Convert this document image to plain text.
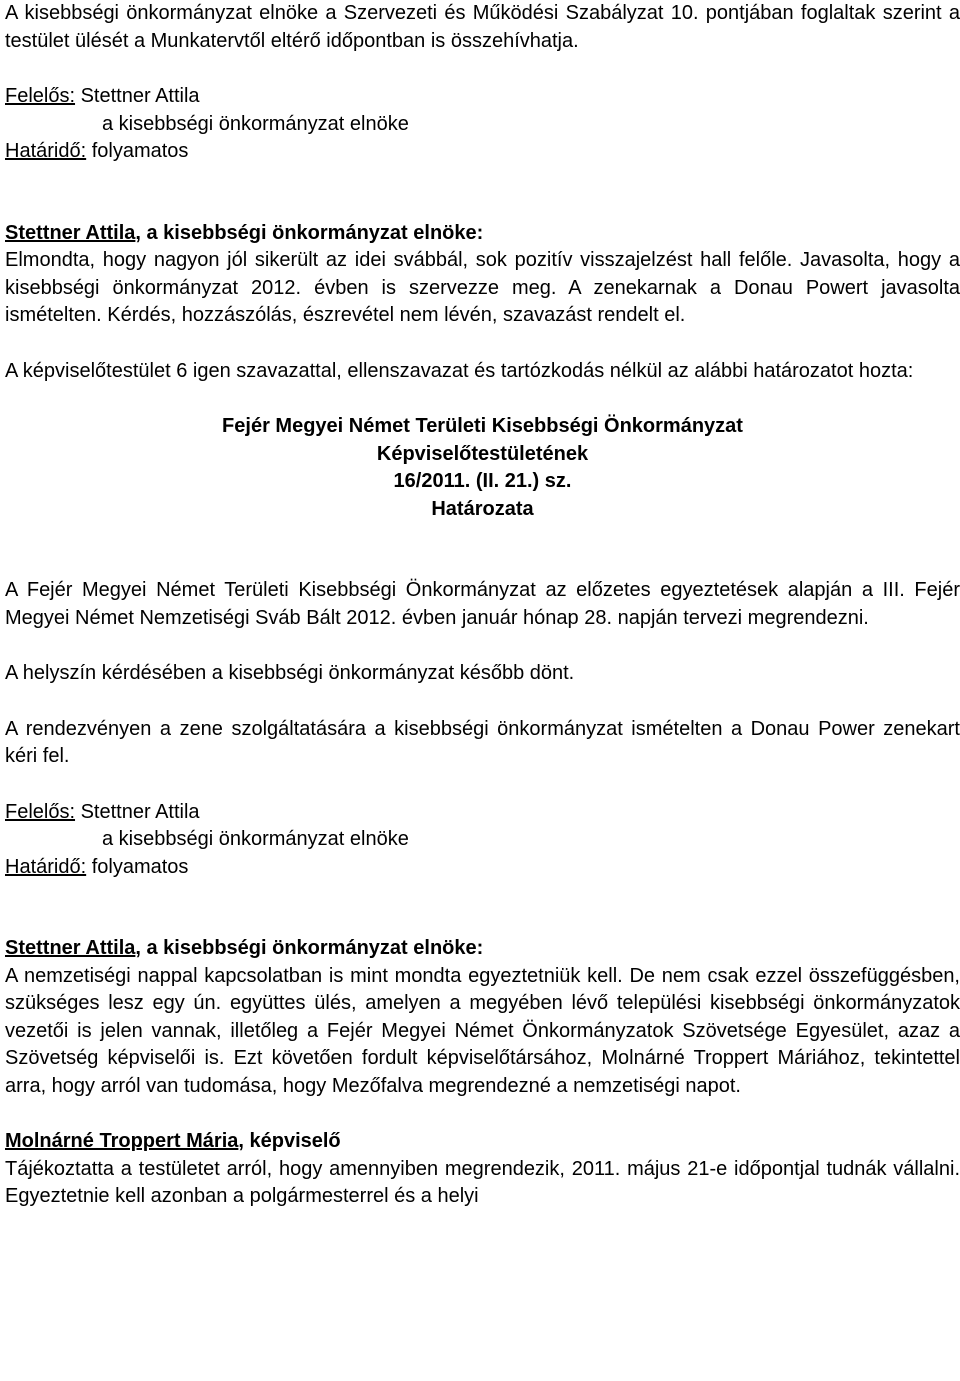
A kisebbségi önkormányzat elnöke a Szervezeti és Működési Szabályzat 10. pontjában foglaltak szerint a testület ülését a Munkatervtől eltérő időpontban is összehívhatja.

Felelős: Stettner Attila

a kisebbségi önkormányzat elnöke

Határidő: folyamatos

Stettner Attila, a kisebbségi önkormányzat elnöke:

Elmondta, hogy nagyon jól sikerült az idei svábbál, sok pozitív visszajelzést hall felőle. Javasolta, hogy a kisebbségi önkormányzat 2012. évben is szervezze meg. A zenekarnak a Donau Powert javasolta ismételten. Kérdés, hozzászólás, észrevétel nem lévén, szavazást rendelt el.

A képviselőtestület 6 igen szavazattal, ellenszavazat és tartózkodás nélkül az alábbi határozatot hozta:

Fejér Megyei Német Területi Kisebbségi Önkormányzat

Képviselőtestületének

16/2011. (II. 21.) sz.

Határozata

A Fejér Megyei Német Területi Kisebbségi Önkormányzat az előzetes egyeztetések alapján a III. Fejér Megyei Német Nemzetiségi Sváb Bált 2012. évben január hónap 28. napján tervezi megrendezni.

A helyszín kérdésében a kisebbségi önkormányzat később dönt.

A rendezvényen a zene szolgáltatására a kisebbségi önkormányzat ismételten a Donau Power zenekart kéri fel.

Felelős: Stettner Attila

a kisebbségi önkormányzat elnöke

Határidő: folyamatos

Stettner Attila, a kisebbségi önkormányzat elnöke:

A nemzetiségi nappal kapcsolatban is mint mondta egyeztetniük kell. De nem csak ezzel összefüggésben, szükséges lesz egy ún. együttes ülés, amelyen a megyében lévő települési kisebbségi önkormányzatok vezetői is jelen vannak, illetőleg a Fejér Megyei Német Önkormányzatok Szövetsége Egyesület, azaz a Szövetség képviselői is. Ezt követően fordult képviselőtársához, Molnárné Troppert Máriához, tekintettel arra, hogy arról van tudomása, hogy Mezőfalva megrendezné a nemzetiségi napot.

Molnárné Troppert Mária, képviselő

Tájékoztatta a testületet arról, hogy amennyiben megrendezik, 2011. május 21-e időpontjal tudnák vállalni. Egyeztetnie kell azonban a polgármesterrel és a helyi
